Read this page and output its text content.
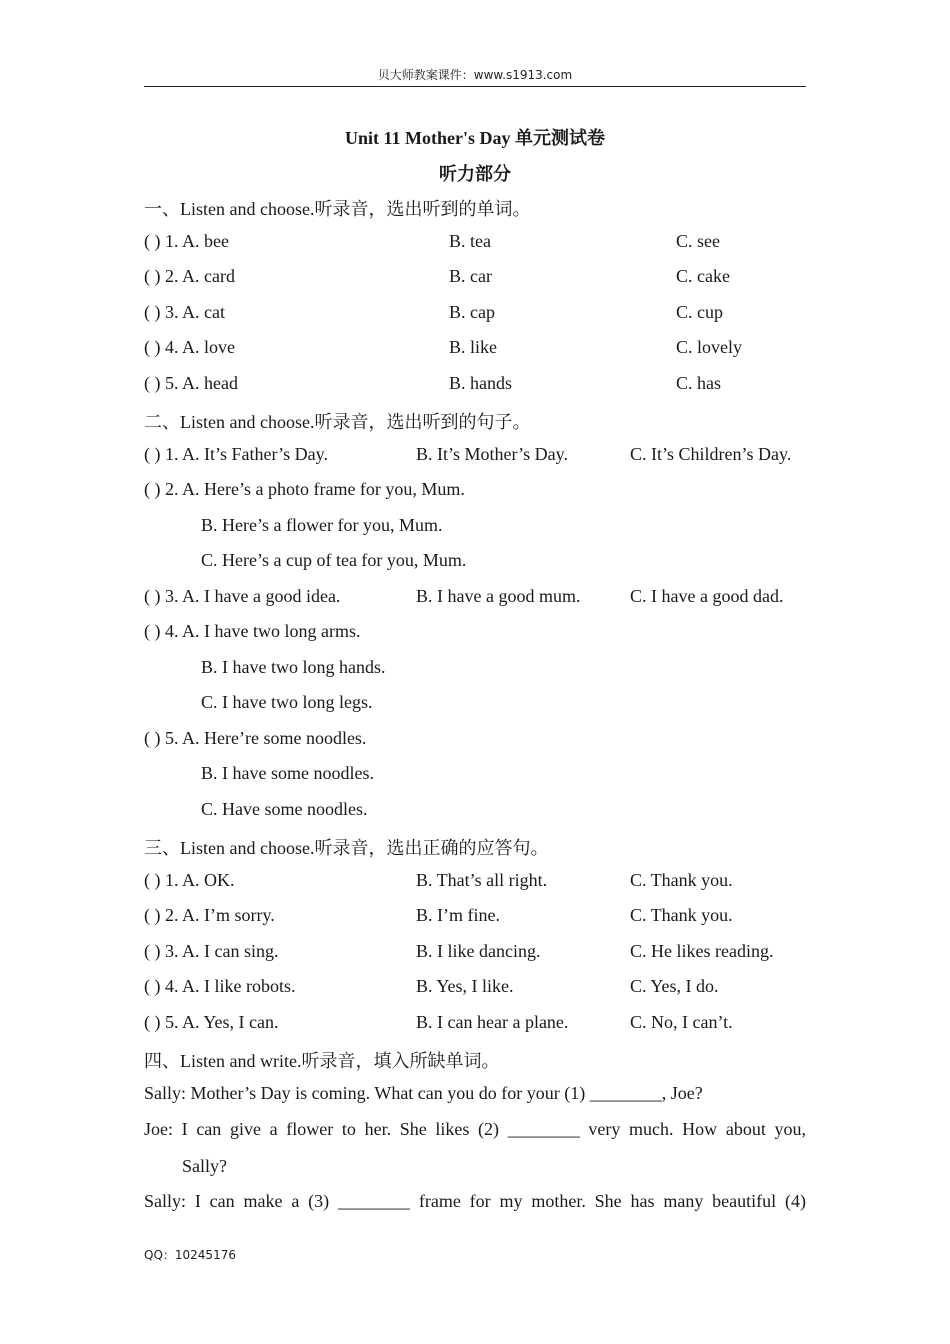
贝大师教案课件：www.s1913.com
Unit 11 Mother's Day 单元测试卷
听力部分
一、Listen and choose.听录音，选出听到的单词。
( ) 1. A. bee	B. tea	C. see
( ) 2. A. card	B. car	C. cake
( ) 3. A. cat	B. cap	C. cup
( ) 4. A. love	B. like	C. lovely
( ) 5. A. head	B. hands	C. has
二、Listen and choose.听录音，选出听到的句子。
( ) 1. A. It’s Father’s Day.	B. It’s Mother’s Day.	C. It’s Children’s Day.
( ) 2. A. Here’s a photo frame for you, Mum.
B. Here’s a flower for you, Mum.
C. Here’s a cup of tea for you, Mum.
( ) 3. A. I have a good idea.	B. I have a good mum.	C. I have a good dad.
( ) 4. A. I have two long arms.
B. I have two long hands.
C. I have two long legs.
( ) 5. A. Here’re some noodles.
B. I have some noodles.
C. Have some noodles.
三、Listen and choose.听录音，选出正确的应答句。
( ) 1. A. OK.	B. That’s all right.	C. Thank you.
( ) 2. A. I’m sorry.	B. I’m fine.	C. Thank you.
( ) 3. A. I can sing.	B. I like dancing.	C. He likes reading.
( ) 4. A. I like robots.	B. Yes, I like.	C. Yes, I do.
( ) 5. A. Yes, I can.	B. I can hear a plane.	C. No, I can’t.
四、Listen and write.听录音，填入所缺单词。
Sally: Mother’s Day is coming. What can you do for your (1) ________, Joe?
Joe: I can give a flower to her. She likes (2) ________ very much. How about you,
Sally?
Sally: I can make a (3) ________ frame for my mother. She has many beautiful (4)
QQ：10245176
